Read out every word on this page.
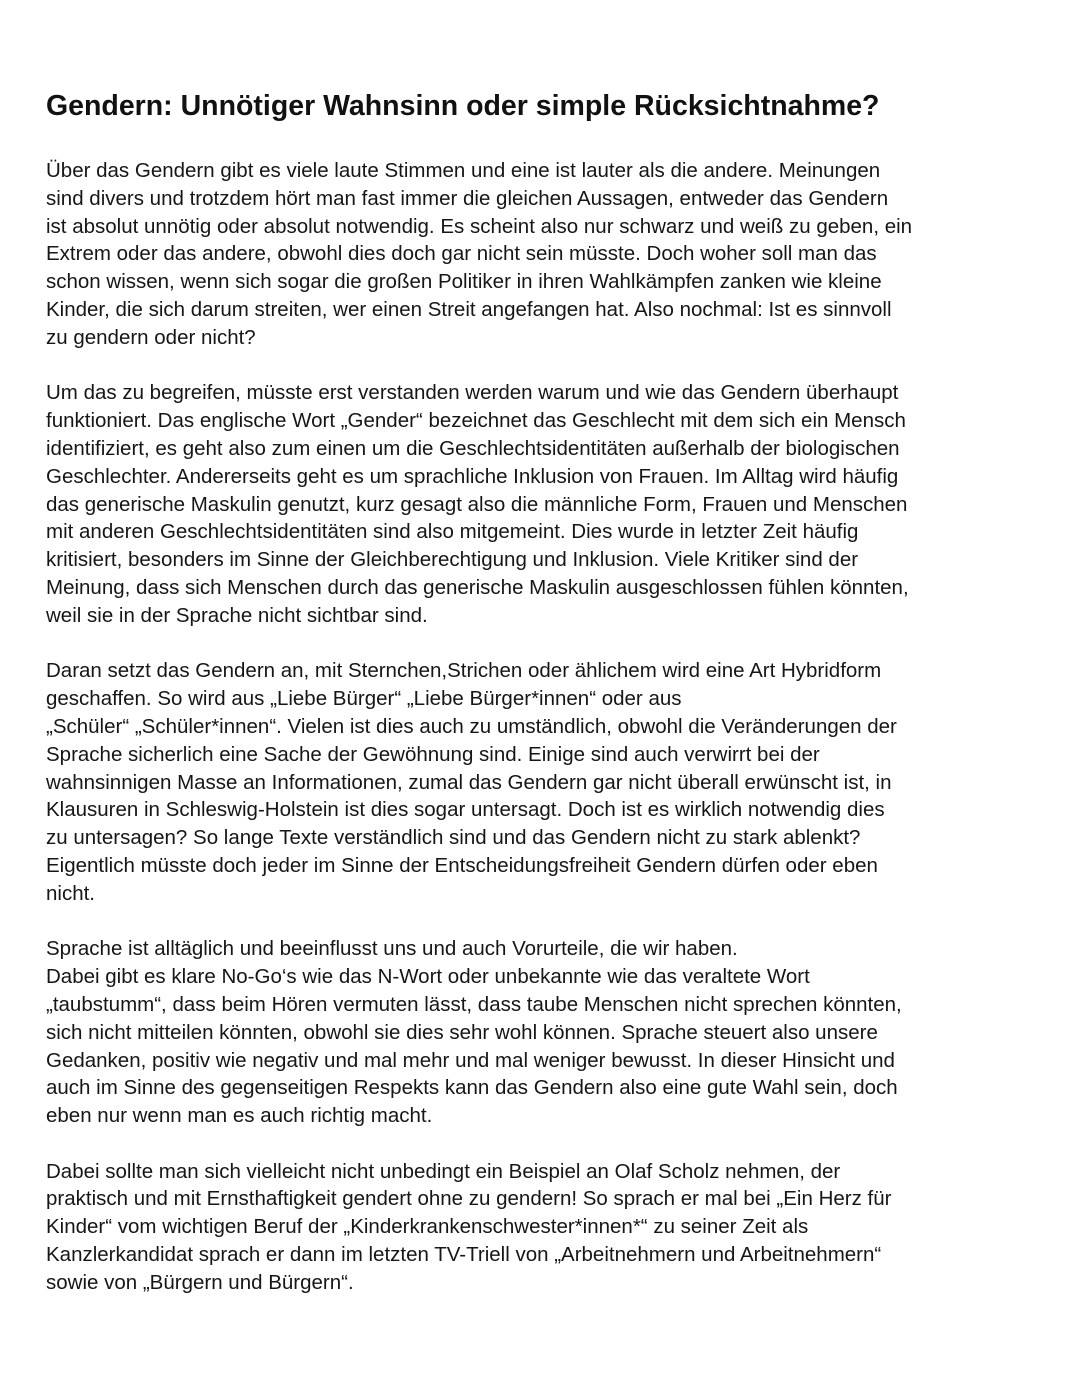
Gendern: Unnötiger Wahnsinn oder simple Rücksichtnahme?
Über das Gendern gibt es viele laute Stimmen und eine ist lauter als die andere. Meinungen
sind divers und trotzdem hört man fast immer die gleichen Aussagen, entweder das Gendern
ist absolut unnötig oder absolut notwendig. Es scheint also nur schwarz und weiß zu geben, ein
Extrem oder das andere, obwohl dies doch gar nicht sein müsste. Doch woher soll man das
schon wissen, wenn sich sogar die großen Politiker in ihren Wahlkämpfen zanken wie kleine
Kinder, die sich darum streiten, wer einen Streit angefangen hat. Also nochmal: Ist es sinnvoll
zu gendern oder nicht?
Um das zu begreifen, müsste erst verstanden werden warum und wie das Gendern überhaupt
funktioniert. Das englische Wort „Gender“ bezeichnet das Geschlecht mit dem sich ein Mensch
identifiziert, es geht also zum einen um die Geschlechtsidentitäten außerhalb der biologischen
Geschlechter. Andererseits geht es um sprachliche Inklusion von Frauen. Im Alltag wird häufig
das generische Maskulin genutzt, kurz gesagt also die männliche Form, Frauen und Menschen
mit anderen Geschlechtsidentitäten sind also mitgemeint. Dies wurde in letzter Zeit häufig
kritisiert, besonders im Sinne der Gleichberechtigung und Inklusion. Viele Kritiker sind der
Meinung, dass sich Menschen durch das generische Maskulin ausgeschlossen fühlen könnten,
weil sie in der Sprache nicht sichtbar sind.
Daran setzt das Gendern an, mit Sternchen,Strichen oder ählichem wird eine Art Hybridform
geschaffen. So wird aus „Liebe Bürger“ „Liebe Bürger*innen“ oder aus
„Schüler“ „Schüler*innen“. Vielen ist dies auch zu umständlich, obwohl die Veränderungen der
Sprache sicherlich eine Sache der Gewöhnung sind. Einige sind auch verwirrt bei der
wahnsinnigen Masse an Informationen, zumal das Gendern gar nicht überall erwünscht ist, in
Klausuren in Schleswig-Holstein ist dies sogar untersagt. Doch ist es wirklich notwendig dies
zu untersagen? So lange Texte verständlich sind und das Gendern nicht zu stark ablenkt?
Eigentlich müsste doch jeder im Sinne der Entscheidungsfreiheit Gendern dürfen oder eben
nicht.
Sprache ist alltäglich und beeinflusst uns und auch Vorurteile, die wir haben.
Dabei gibt es klare No-Go‘s wie das N-Wort oder unbekannte wie das veraltete Wort
„taubstumm“, dass beim Hören vermuten lässt, dass taube Menschen nicht sprechen könnten,
sich nicht mitteilen könnten, obwohl sie dies sehr wohl können. Sprache steuert also unsere
Gedanken, positiv wie negativ und mal mehr und mal weniger bewusst. In dieser Hinsicht und
auch im Sinne des gegenseitigen Respekts kann das Gendern also eine gute Wahl sein, doch
eben nur wenn man es auch richtig macht.
Dabei sollte man sich vielleicht nicht unbedingt ein Beispiel an Olaf Scholz nehmen, der
praktisch und mit Ernsthaftigkeit gendert ohne zu gendern! So sprach er mal bei „Ein Herz für
Kinder“ vom wichtigen Beruf der „Kinderkrankenschwester*innen*“ zu seiner Zeit als
Kanzlerkandidat sprach er dann im letzten TV-Triell von „Arbeitnehmern und Arbeitnehmern“
sowie von „Bürgern und Bürgern“.
